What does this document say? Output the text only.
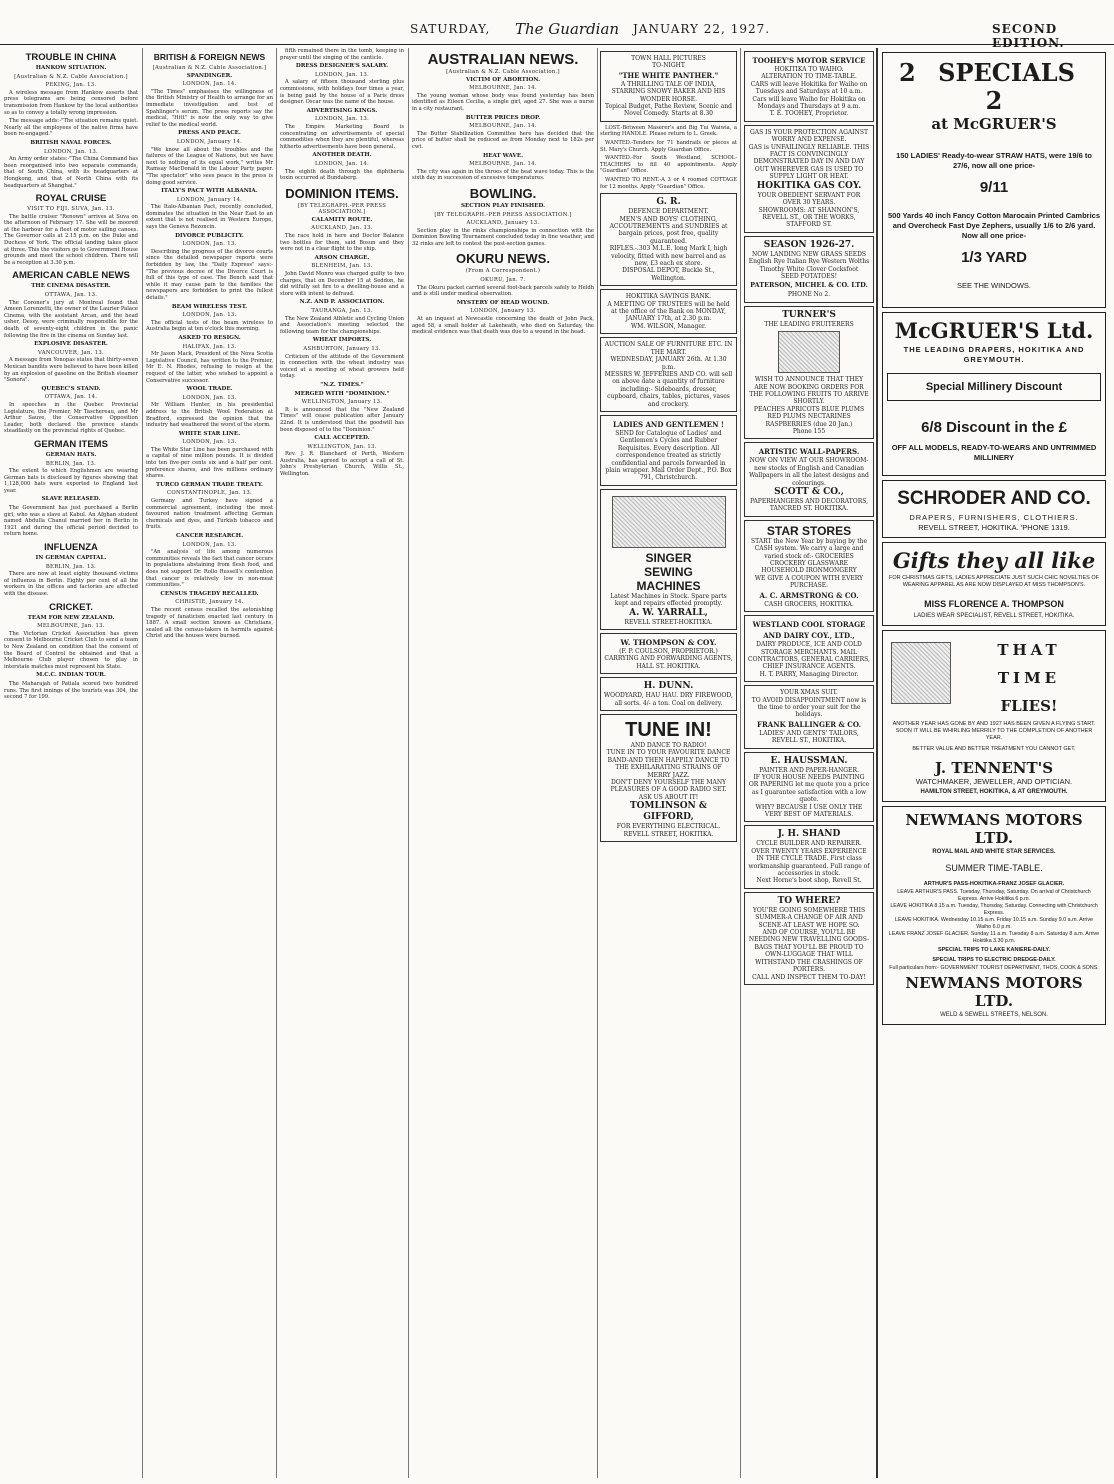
SATURDAY, The Guardian JANUARY 22, 1927.	SECOND EDITION.
TROUBLE IN CHINA
HANKOW SITUATION.
[Australian & N.Z. Cable Association.]
PEKING, Jan. 13.

A wireless message from Hankow asserts that press telegrams are being censored before transmission from Hankow by the local authorities so as to convey a totally wrong impression.

The message adds:-"The situation remains quiet. Nearly all the employees of the native firms have been re-engaged."

BRITISH NAVAL FORCES.
LONDON, Jan. 13.

An Army order states:-"The China Command has been reorganised into two separate commands, that of South China, with its headquarters at Hongkong, and that of North China with its headquarters at Shanghai."

ROYAL CRUISE
VISIT TO FIJI. SUVA, Jan. 13.

The battle cruiser "Renown" arrives at Suva on the afternoon of February 17. She will be moored at the harbour for a fleet of motor sailing canoes. The Governor calls at 2.15 p.m. on the Duke and Duchess of York. The official landing takes place at three. This the visitors go to Government House grounds and meet the school children. There will be a reception at 3.30 p.m.

AMERICAN CABLE NEWS
THE CINEMA DISASTER.
OTTAWA, Jan. 13.

The Coroner's jury at Montreal found that Ameen Lorenzetti, the owner of the Laurier Palace Cinema, with the assistant Arcan, and the head usher, Dessy, were criminally responsible for the death of seventy-eight children in the panic following the fire in the cinema on Sunday last.

EXPLOSIVE DISASTER.
VANCOUVER, Jan. 13.

A message from Yonopas states that thirty-seven Mexican bandits were believed to have been killed by an explosion of gasoline on the British steamer "Sonora".

QUEBEC'S STAND.
OTTAWA, Jan. 14.

In speeches in the Quebec Provincial Legislature, the Premier, Mr Taschereau, and Mr Arthur Sauve, the Conservative Opposition Leader, both declared the province stands steadfastly on the provincial rights of Quebec.

GERMAN ITEMS
GERMAN HATS.
BERLIN, Jan. 13.

The extent to which Englishmen are wearing German hats is disclosed by figures showing that 1,128,000 hats were exported to England last year.

SLAVE RELEASED.

The Government has just purchased a Berlin girl, who was a slave at Kabul. An Afghan student named Abdulla Chanul married her in Berlin in 1921 and during the official period decided to return home.

INFLUENZA
IN GERMAN CAPITAL.
BERLIN, Jan. 13.

There are now at least eighty thousand victims of influenza in Berlin. Eighty per cent of all the workers in the offices and factories are affected with the disease.

CRICKET.
TEAM FOR NEW ZEALAND.
MELBOURNE, Jan. 13.

The Victorian Cricket Association has given consent to Melbourne Cricket Club to send a team to New Zealand on condition that the consent of the Board of Control be obtained and that a Melbourne Club player chosen to play in interstate matches must represent his State.

M.C.C. INDIAN TOUR.

The Maharajah of Patiala scored two hundred runs. The first innings of the tourists was 304, the second 7 for 199.

BRITISH & FOREIGN NEWS
[Australian & N.Z. Cable Association.]
SPANDINGER.
LONDON, Jan. 14.

"The Times" emphasises the willingness of the British Ministry of Health to arrange for an immediate investigation and test of Spahlinger's serum. The press reports say the medical, "Hitt" is now the only way to give relief to the medical world.

PRESS AND PEACE.
LONDON, January 14.

"We know all about the troubles and the failures of the League of Nations, but we have next to nothing of its equal work," writes Mr Ramsay MacDonald in the Labour Party paper. "The spectator" who sees peace in the press is doing good service.

ITALY'S PACT WITH ALBANIA.
LONDON, January 14.

The Italo-Albanian Pact, recently concluded, dominates the situation in the Near East to an extent that is not realised in Western Europe, says the Geneva Rezoncin.

DIVORCE PUBLICITY.
LONDON, Jan. 13.

Describing the progress of the divorce courts since the detailed newspaper reports were forbidden by law, the "Daily Express" says:- "The previous decree of the Divorce Court is full of this type of case. The Bench said that while it may cause pain to the families the newspapers are forbidden to print the fullest details."

BEAM WIRELESS TEST.
LONDON, Jan. 13.

The official tests of the beam wireless to Australia begin at ten o'clock this morning.

ASKED TO RESIGN.
HALIFAX, Jan. 13.

Mr Jason Mack, President of the Nova Scotia Legislative Council, has written to the Premier, Mr E. N. Rhodes, refusing to resign at the request of the latter, who wished to appoint a Conservative successor.

WOOL TRADE.
LONDON, Jan. 13.

Mr William Hunter, in his presidential address to the British Wool Federation at Bradford, expressed the opinion that the industry had weathered the worst of the storm.

WHITE STAR LINE.
LONDON, Jan. 13.

The White Star Line has been purchased with a capital of nine million pounds. It is divided into ten five-per cents six and a half per cent. preference shares, and five millions ordinary shares.

TURCO GERMAN TRADE TREATY.
CONSTANTINOPLE, Jan. 13.

Germany and Turkey have signed a commercial agreement, including the most favoured nation treatment affecting German chemicals and dyes, and Turkish tobacco and fruits.

CANCER RESEARCH.
LONDON, Jan. 13.

"An analysis of life among numerous communities reveals the fact that cancer occurs in populations abstaining from flesh food, and does not support Dr. Rollo Russell's contention that cancer is relatively low in non-meat communities."

CENSUS TRAGEDY RECALLED.
CHRISTIE, January 14.

The recent census recalled the astonishing tragedy of fanaticism enacted last century in 1887. A small section known as Christians, sealed all the census-takers in hermits against Christ and the houses were burned.

fifth remained there in the tomb, keeping in prayer until the singing of the canticle.

DRESS DESIGNER'S SALARY.
LONDON, Jan. 13.

A salary of fifteen thousand sterling plus commissions, with holidays four times a year, is being paid by the house of a Paris dress designer. Oscar was the name of the house.

ADVERTISING KINGS.
LONDON, Jan. 13.

The Empire Marketing Board is concentrating on advertisements of special commodities when they are plentiful, whereas hitherto advertisements have been general.

ANOTHER DEATH.
LONDON, Jan. 14.

The eighth death through the diphtheria toxin occurred at Bundaberg.

DOMINION ITEMS.
[BY TELEGRAPH.-PER PRESS ASSOCIATION.]
CALAMITY ROUTE.
AUCKLAND, Jan. 13.

The race hold in here and Doctor Balance two bottles for them, said Bosun and they were not in a clear flight to the ship.

ARSON CHARGE.
BLENHEIM, Jan. 13.

John David Monro was charged guilty to two charges, that on December 15 at Seddon, he did wilfully set fire to a dwelling-house and a store with intent to defraud.

N.Z. AND P. ASSOCIATION.
TAURANGA, Jan. 13.

The New Zealand Athletic and Cycling Union and Association's meeting selected the following team for the championships.

WHEAT IMPORTS.
ASHBURTON, January 13.

Criticism of the attitude of the Government in connection with the wheat industry was voiced at a meeting of wheat growers held today.

"N.Z. TIMES."
MERGED WITH "DOMINION."
WELLINGTON, January 13.

It is announced that the "New Zealand Times" will cease publication after January 22nd. It is understood that the goodwill has been disposed of to the "Dominion."

CALL ACCEPTED.
WELLINGTON, Jan. 13.

Rev. J. R. Blanchard of Perth, Western Australia, has agreed to accept a call of St. John's Presbyterian Church, Willis St., Wellington.

AUSTRALIAN NEWS.
[Australian & N.Z. Cable Association.]
VICTIM OF ABORTION.
MELBOURNE, Jan. 14.

The young woman whose body was found yesterday has been identified as Eileen Cecilia, a single girl, aged 27. She was a nurse in a city restaurant.

BUTTER PRICES DROP.
MELBOURNE, Jan. 14.

The Butter Stabilization Committee here has decided that the price of butter shall be reduced as from Monday next to 182s per cwt.

HEAT WAVE.
MELBOURNE, Jan. 14.

The city was again in the throes of the heat wave today. This is the sixth day in succession of excessive temperatures.

BOWLING.
SECTION PLAY FINISHED.
[BY TELEGRAPH.-PER PRESS ASSOCIATION.]
AUCKLAND, January 13.

Section play in the rinks championships in connection with the Dominion Bowling Tournament concluded today in fine weather, and 32 rinks are left to contest the post-section games.

OKURU NEWS.
(From A Correspondent.)
OKURU, Jan. 7.

The Okuru packet carried several foot-back parcels safely to Heldh and is still under medical observation.

MYSTERY OF HEAD WOUND.
LONDON, January 13.

At an inquest at Newcastle concerning the death of John Pack, aged 58, a small holder at Lakeheath, who died on Saturday, the medical evidence was that death was due to a wound in the head.

TOWN HALL PICTURES
TO-NIGHT
"THE WHITE PANTHER."
A THRILLING TALE OF INDIA, STARRING SNOWY BAKER AND HIS WONDER HORSE.
Topical Budget, Pathe Review, Scenic and Novel Comedy. Starts at 8.30

LOST.-Between Maserer's and Big Tui Waiwia, a sterling HANDLE. Please return to L. Greek.

WANTED.-Tenders for 71 handrails or pieces at St. Mary's Church. Apply Guardian Office.

WANTED.-For South Westland, SCHOOL-TEACHERS to fill 40 appointments. Apply "Guardian" Office.

WANTED TO RENT.-A 3 or 4 roomed COTTAGE for 12 months. Apply "Guardian" Office.

G. R.
DEFENCE DEPARTMENT.
MEN'S AND BOYS' CLOTHING, ACCOUTREMENTS and SUNDRIES at bargain prices, post free, quality guaranteed.
RIFLES.-.303 M.L.E. long Mark I, high velocity, fitted with new barrel and as new, £3 each ex store.
DISPOSAL DEPOT, Buckle St., Wellington.
HOKITIKA SAVINGS BANK.
A MEETING OF TRUSTEES will be held at the office of the Bank on MONDAY, JANUARY 17th, at 2.30 p.m.
WM. WILSON, Manager.
AUCTION SALE OF FURNITURE ETC. IN THE MART.
WEDNESDAY, JANUARY 26th. At 1.30 p.m.
MESSRS W. JEFFERIES AND CO. will sell on above date a quantity of furniture including:- Sideboards, dresser, cupboard, chairs, tables, pictures, vases and crockery.
LADIES AND GENTLEMEN !
SEND for Catalogue of Ladies' and Gentlemen's Cycles and Rubber Requisites. Every description. All correspondence treated as strictly confidential and parcels forwarded in plain wrapper. Mail Order Dept., P.O. Box 791, Christchurch.
SINGER
SEWING
MACHINES
Latest Machines in Stock. Spare parts kept and repairs effected promptly.
A. W. YARRALL,
REVELL STREET-HOKITIKA.
W. THOMPSON & COY.
(F. P. COULSON, PROPRIETOR.)
CARRYING AND FORWARDING AGENTS, HALL ST. HOKITIKA.
H. DUNN.
WOODYARD, HAU HAU. DRY FIREWOOD, all sorts. 4/- a ton. Coal on delivery.
TUNE IN!
AND DANCE TO RADIO!
TUNE IN TO YOUR FAVOURITE DANCE BAND-AND THEN HAPPILY DANCE TO THE EXHILARATING STRAINS OF MERRY JAZZ.
DON'T DENY YOURSELF THE MANY PLEASURES OF A GOOD RADIO SET. ASK US ABOUT IT!
TOMLINSON & GIFFORD,
FOR EVERYTHING ELECTRICAL.
REVELL STREET, HOKITIKA.
TOOHEY'S MOTOR SERVICE
HOKITIKA TO WAIHO.
ALTERATION TO TIME-TABLE.
CARS will leave Hokitika for Waiho on Tuesdays and Saturdays at 10 a.m. Cars will leave Waiho for Hokitika on Mondays and Thursdays at 9 a.m.
T. E. TOOHEY, Proprietor.
GAS IS YOUR PROTECTION AGAINST WORRY AND EXPENSE.
GAS is UNFAILINGLY RELIABLE. THIS FACT IS CONVINCINGLY DEMONSTRATED DAY IN AND DAY OUT WHEREVER GAS IS USED TO SUPPLY LIGHT OR HEAT.
HOKITIKA GAS COY.
YOUR OBEDIENT SERVANT FOR OVER 30 YEARS.
SHOWROOMS: AT SHANNON'S, REVELL ST., OR THE WORKS, STAFFORD ST.
SEASON 1926-27.
NOW LANDING NEW GRASS SEEDS
English Rye Italian Rye Western Wolths Timothy White Clover Cocksfoot
SEED POTATOES!
PATERSON, MICHEL & CO. LTD.
PHONE No 2.
TURNER'S
THE LEADING FRUITERERS
WISH TO ANNOUNCE THAT THEY ARE NOW BOOKING ORDERS FOR THE FOLLOWING FRUITS TO ARRIVE SHORTLY.
PEACHES APRICOTS BLUE PLUMS RED PLUMS NECTARINES
RASPBERRIES (due 20 Jan.)
Phone 155
ARTISTIC WALL-PAPERS.
NOW ON VIEW AT OUR SHOWROOM-new stocks of English and Canadian Wallpapers in all the latest designs and colourings.
SCOTT & CO.,
PAPERHANGERS AND DECORATORS, TANCRED ST. HOKITIKA.
STAR STORES
START the New Year by buying by the CASH system. We carry a large and varied stock of:- GROCERIES CROCKERY GLASSWARE HOUSEHOLD IRONMONGERY
WE GIVE A COUPON WITH EVERY PURCHASE.
A. C. ARMSTRONG & CO.
CASH GROCERS, HOKITIKA.
WESTLAND COOL STORAGE AND DAIRY COY., LTD.,
DAIRY PRODUCE, ICE AND COLD STORAGE MERCHANTS. MAIL CONTRACTORS, GENERAL CARRIERS, CHIEF INSURANCE AGENTS.
H. T. PARRY, Managing Director.
YOUR XMAS SUIT.
TO AVOID DISAPPOINTMENT now is the time to order your suit for the holidays.
FRANK BALLINGER & CO.
LADIES' AND GENTS' TAILORS, REVELL ST., HOKITIKA.
E. HAUSSMAN.
PAINTER AND PAPER-HANGER.
IF YOUR HOUSE NEEDS PAINTING OR PAPERING let me quote you a price as I guarantee satisfaction with a low quote.
WHY? BECAUSE I USE ONLY THE VERY BEST OF MATERIALS.
J. H. SHAND
CYCLE BUILDER AND REPAIRER.
OVER TWENTY YEARS EXPERIENCE IN THE CYCLE TRADE. First class workmanship guaranteed. Full range of accessories in stock.
Next Horne's boot shop, Revell St.
TO WHERE?
YOU'RE GOING SOMEWHERE THIS SUMMER-A CHANGE OF AIR AND SCENE-AT LEAST WE HOPE SO.
AND OF COURSE, YOU'LL BE NEEDING NEW TRAVELLING GOODS-BAGS THAT YOU'LL BE PROUD TO OWN-LUGGAGE THAT WILL WITHSTAND THE CRASHINGS OF PORTERS.
CALL AND INSPECT THEM TO-DAY!
2 SPECIALS 2
at McGRUER'S
150 LADIES' Ready-to-wear STRAW HATS, were 19/6 to 27/6, now all one price-
9/11
500 Yards 40 inch Fancy Cotton Marocain Printed Cambrics and Overcheck Fast Dye Zephers, usually 1/6 to 2/6 yard. Now all one price-
1/3 YARD
SEE THE WINDOWS.
McGRUER'S Ltd.
THE LEADING DRAPERS, HOKITIKA AND GREYMOUTH.
Special Millinery Discount
6/8 Discount in the £
OFF ALL MODELS, READY-TO-WEARS AND UNTRIMMED MILLINERY
SCHRODER AND CO.
DRAPERS, FURNISHERS, CLOTHIERS.
REVELL STREET, HOKITIKA. 'PHONE 1319.
Gifts they all like
FOR CHRISTMAS GIFTS, LADIES APPRECIATE JUST SUCH CHIC NOVELTIES OF WEARING APPAREL AS ARE NOW DISPLAYED AT MISS THOMPSON'S.
MISS FLORENCE A. THOMPSON
LADIES WEAR SPECIALIST, REVELL STREET, HOKITIKA.
THAT
TIME
FLIES!
ANOTHER YEAR HAS GONE BY AND 1927 HAS BEEN GIVEN A FLYING START. SOON IT WILL BE WHIRLING MERRILY TO THE COMPLETION OF ANOTHER YEAR.
BETTER VALUE AND BETTER TREATMENT YOU CANNOT GET.
J. TENNENT'S
WATCHMAKER, JEWELLER, AND OPTICIAN.
HAMILTON STREET, HOKITIKA, & AT GREYMOUTH.
NEWMANS MOTORS LTD.
ROYAL MAIL AND WHITE STAR SERVICES.
SUMMER TIME-TABLE.
ARTHUR'S PASS-HOKITIKA-FRANZ JOSEF GLACIER.
LEAVE ARTHUR'S PASS. Tuesday, Thursday, Saturday. On arrival of Christchurch Express. Arrive Hokitika 6 p.m.
LEAVE HOKITIKA 8.15 a.m. Tuesday, Thursday, Saturday. Connecting with Christchurch Express.
LEAVE HOKITIKA. Wednesday 10.15 a.m. Friday 10.15 a.m. Sunday 9.0 a.m. Arrive Waiho 6.0 p.m.
LEAVE FRANZ JOSEF GLACIER. Sunday 11 a.m. Tuesday 8 a.m. Saturday 8 a.m. Arrive Hokitika 3.30 p.m.
SPECIAL TRIPS TO LAKE KANIERE-DAILY.
SPECIAL TRIPS TO ELECTRIC DREDGE-DAILY.
Full particulars from:- GOVERNMENT TOURIST DEPARTMENT, THOS. COOK & SONS.
NEWMANS MOTORS LTD.
WELD & SEWELL STREETS, NELSON.
